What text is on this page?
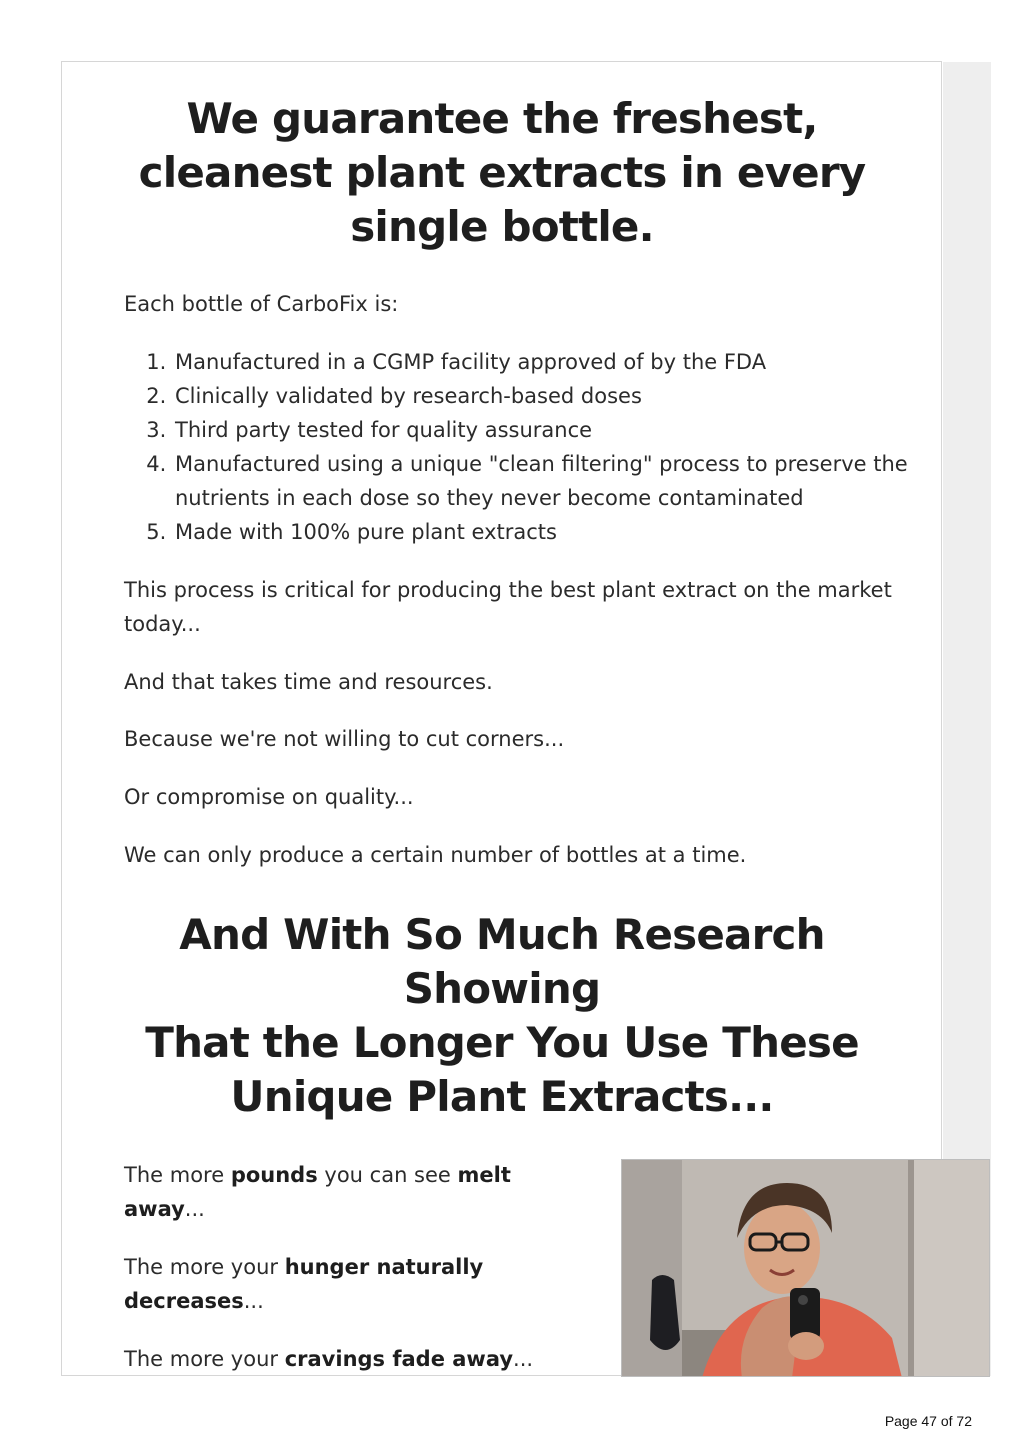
We guarantee the freshest,
cleanest plant extracts in every
single bottle.

Each bottle of CarboFix is:

1. Manufactured in a CGMP facility approved of by the FDA
2. Clinically validated by research-based doses
3. Third party tested for quality assurance
4. Manufactured using a unique "clean filtering" process to preserve the nutrients in each dose so they never become contaminated
5. Made with 100% pure plant extracts

This process is critical for producing the best plant extract on the market today...

And that takes time and resources.

Because we're not willing to cut corners...

Or compromise on quality...

We can only produce a certain number of bottles at a time.

And With So Much Research
Showing
That the Longer You Use These
Unique Plant Extracts...

The more pounds you can see melt away...

The more your hunger naturally decreases...

The more your cravings fade away...

Page 47 of 72
